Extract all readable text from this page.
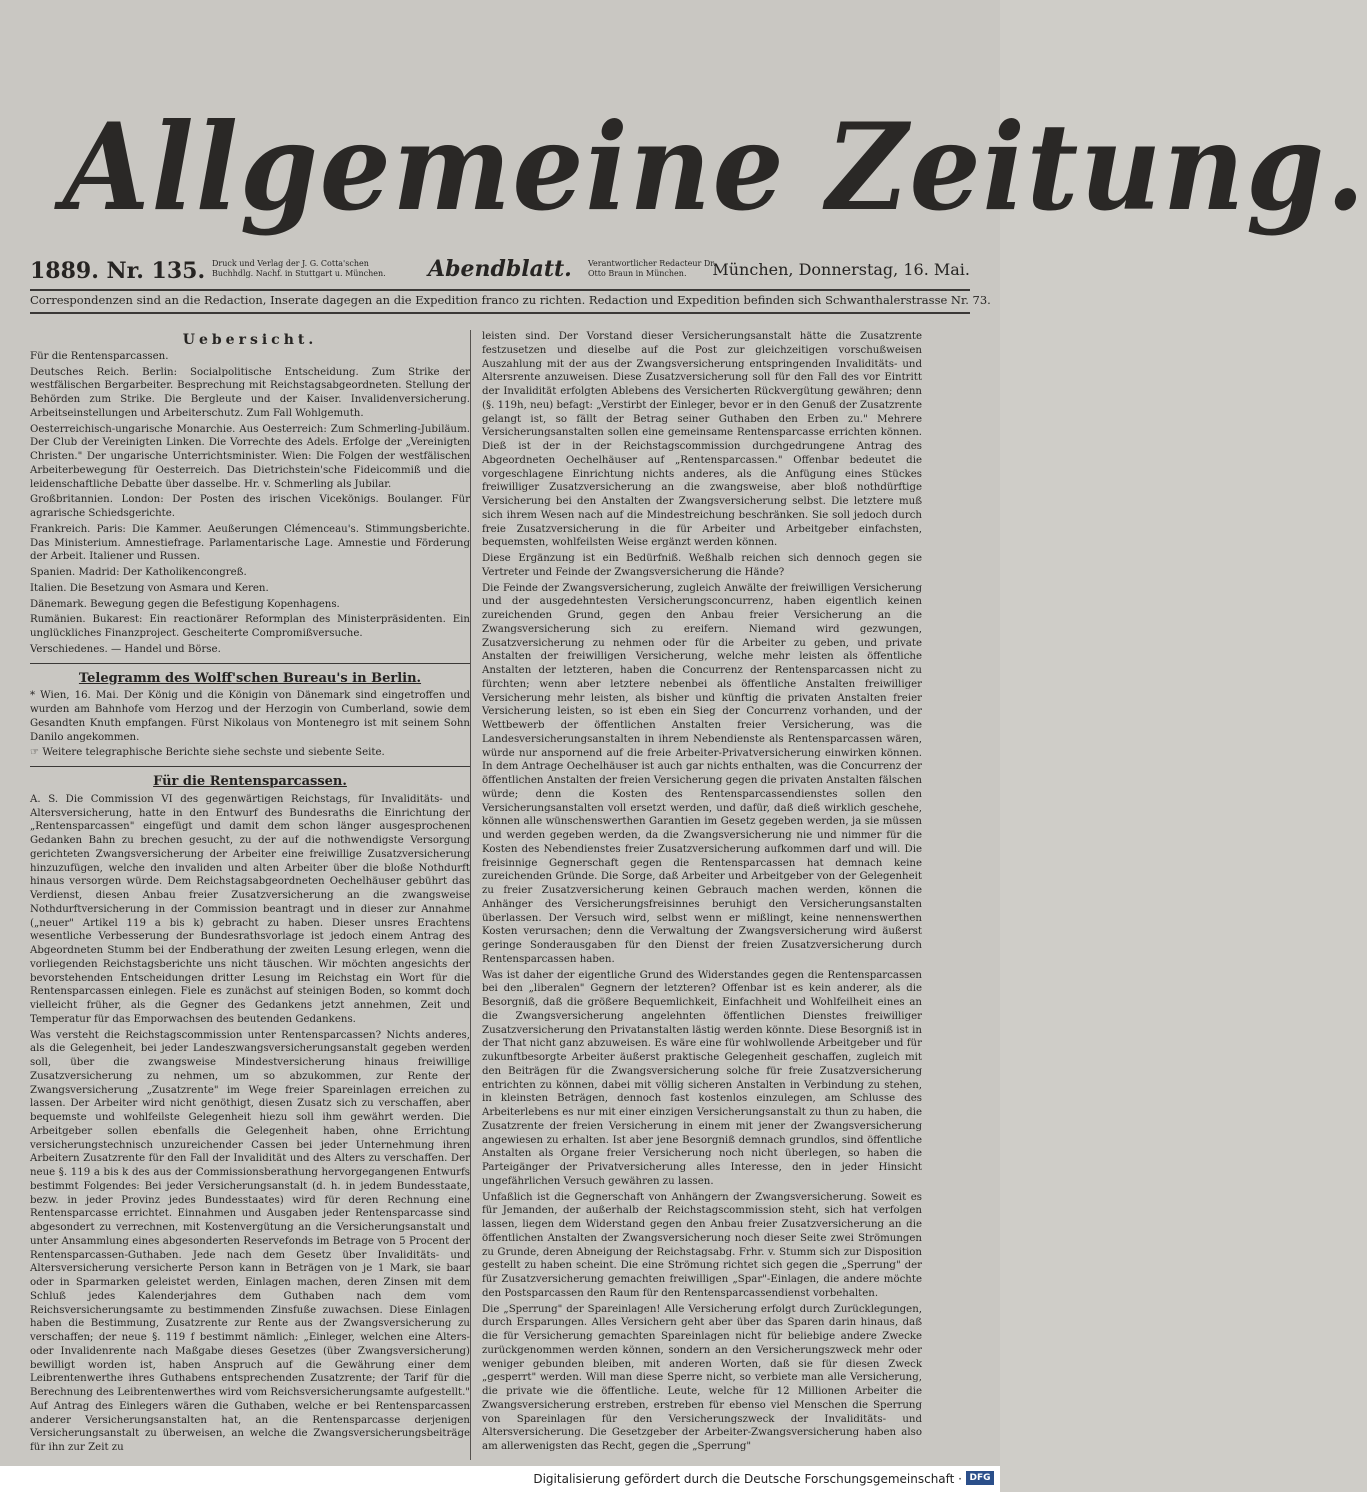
Allgemeine Zeitung.
1889. Nr. 135. Druck und Verlag der J. G. Cotta'schen Buchhdlg. Nachf. in Stuttgart u. München. Abendblatt. Verantwortlicher Redacteur Dr. Otto Braun in München.	München, Donnerstag, 16. Mai.
Correspondenzen sind an die Redaction, Inserate dagegen an die Expedition franco zu richten. Redaction und Expedition befinden sich Schwanthalerstrasse Nr. 73.
Uebersicht.
Für die Rentensparcassen.
Deutsches Reich. Berlin: Socialpolitische Entscheidung. Zum Strike der westfälischen Bergarbeiter. Besprechung mit Reichstagsabgeordneten. Stellung der Behörden zum Strike. Die Bergleute und der Kaiser. Invalidenversicherung. Arbeitseinstellungen und Arbeiterschutz. Zum Fall Wohlgemuth.
Oesterreichisch-ungarische Monarchie. Aus Oesterreich: Zum Schmerling-Jubiläum. Der Club der Vereinigten Linken. Die Vorrechte des Adels. Erfolge der „Vereinigten Christen." Der ungarische Unterrichtsminister. Wien: Die Folgen der westfälischen Arbeiterbewegung für Oesterreich. Das Dietrichstein'sche Fideicommiß und die leidenschaftliche Debatte über dasselbe. Hr. v. Schmerling als Jubilar.
Großbritannien. London: Der Posten des irischen Vicekönigs. Boulanger. Für agrarische Schiedsgerichte.
Frankreich. Paris: Die Kammer. Aeußerungen Clémenceau's. Stimmungsberichte. Das Ministerium. Amnestiefrage. Parlamentarische Lage. Amnestie und Förderung der Arbeit. Italiener und Russen.
Spanien. Madrid: Der Katholikencongreß.
Italien. Die Besetzung von Asmara und Keren.
Dänemark. Bewegung gegen die Befestigung Kopenhagens.
Rumänien. Bukarest: Ein reactionärer Reformplan des Ministerpräsidenten. Ein unglückliches Finanzproject. Gescheiterte Compromißversuche.
Verschiedenes. — Handel und Börse.
Telegramm des Wolff'schen Bureau's in Berlin.
* Wien, 16. Mai. Der König und die Königin von Dänemark sind eingetroffen und wurden am Bahnhofe vom Herzog und der Herzogin von Cumberland, sowie dem Gesandten Knuth empfangen. Fürst Nikolaus von Montenegro ist mit seinem Sohn Danilo angekommen.
☞ Weitere telegraphische Berichte siehe sechste und siebente Seite.
Für die Rentensparcassen.
A. S. Die Commission VI des gegenwärtigen Reichstags, für Invaliditäts- und Altersversicherung, hatte in den Entwurf des Bundesraths die Einrichtung der „Rentensparcassen" eingefügt und damit dem schon länger ausgesprochenen Gedanken Bahn zu brechen gesucht, zu der auf die nothwendigste Versorgung gerichteten Zwangsversicherung der Arbeiter eine freiwillige Zusatzversicherung hinzuzufügen, welche den invaliden und alten Arbeiter über die bloße Nothdurft hinaus versorgen würde. Dem Reichstagsabgeordneten Oechelhäuser gebührt das Verdienst, diesen Anbau freier Zusatzversicherung an die zwangsweise Nothdurftversicherung in der Commission beantragt und in dieser zur Annahme („neuer" Artikel 119 a bis k) gebracht zu haben. Dieser unsres Erachtens wesentliche Verbesserung der Bundesrathsvorlage ist jedoch einem Antrag des Abgeordneten Stumm bei der Endberathung der zweiten Lesung erlegen, wenn die vorliegenden Reichstagsberichte uns nicht täuschen. Wir möchten angesichts der bevorstehenden Entscheidungen dritter Lesung im Reichstag ein Wort für die Rentensparcassen einlegen. Fiele es zunächst auf steinigen Boden, so kommt doch vielleicht früher, als die Gegner des Gedankens jetzt annehmen, Zeit und Temperatur für das Emporwachsen des beutenden Gedankens.
Was versteht die Reichstagscommission unter Rentensparcassen? Nichts anderes, als die Gelegenheit, bei jeder Landeszwangsversicherungsanstalt gegeben werden soll, über die zwangsweise Mindestversicherung hinaus freiwillige Zusatzversicherung zu nehmen, um so abzukommen, zur Rente der Zwangsversicherung „Zusatzrente" im Wege freier Spareinlagen erreichen zu lassen. Der Arbeiter wird nicht genöthigt, diesen Zusatz sich zu verschaffen, aber bequemste und wohlfeilste Gelegenheit hiezu soll ihm gewährt werden. Die Arbeitgeber sollen ebenfalls die Gelegenheit haben, ohne Errichtung versicherungstechnisch unzureichender Cassen bei jeder Unternehmung ihren Arbeitern Zusatzrente für den Fall der Invalidität und des Alters zu verschaffen. Der neue §. 119 a bis k des aus der Commissionsberathung hervorgegangenen Entwurfs bestimmt Folgendes: Bei jeder Versicherungsanstalt (d. h. in jedem Bundesstaate, bezw. in jeder Provinz jedes Bundesstaates) wird für deren Rechnung eine Rentensparcasse errichtet. Einnahmen und Ausgaben jeder Rentensparcasse sind abgesondert zu verrechnen, mit Kostenvergütung an die Versicherungsanstalt und unter Ansammlung eines abgesonderten Reservefonds im Betrage von 5 Procent der Rentensparcassen-Guthaben. Jede nach dem Gesetz über Invaliditäts- und Altersversicherung versicherte Person kann in Beträgen von je 1 Mark, sie baar oder in Sparmarken geleistet werden, Einlagen machen, deren Zinsen mit dem Schluß jedes Kalenderjahres dem Guthaben nach dem vom Reichsversicherungsamte zu bestimmenden Zinsfuße zuwachsen. Diese Einlagen haben die Bestimmung, Zusatzrente zur Rente aus der Zwangsversicherung zu verschaffen; der neue §. 119 f bestimmt nämlich: „Einleger, welchen eine Alters- oder Invalidenrente nach Maßgabe dieses Gesetzes (über Zwangsversicherung) bewilligt worden ist, haben Anspruch auf die Gewährung einer dem Leibrentenwerthe ihres Guthabens entsprechenden Zusatzrente; der Tarif für die Berechnung des Leibrentenwerthes wird vom Reichsversicherungsamte aufgestellt." Auf Antrag des Einlegers wären die Guthaben, welche er bei Rentensparcassen anderer Versicherungsanstalten hat, an die Rentensparcasse derjenigen Versicherungsanstalt zu überweisen, an welche die Zwangsversicherungsbeiträge für ihn zur Zeit zu
leisten sind. Der Vorstand dieser Versicherungsanstalt hätte die Zusatzrente festzusetzen und dieselbe auf die Post zur gleichzeitigen vorschußweisen Auszahlung mit der aus der Zwangsversicherung entspringenden Invaliditäts- und Altersrente anzuweisen. Diese Zusatzversicherung soll für den Fall des vor Eintritt der Invalidität erfolgten Ablebens des Versicherten Rückvergütung gewähren; denn (§. 119h, neu) befagt: „Verstirbt der Einleger, bevor er in den Genuß der Zusatzrente gelangt ist, so fällt der Betrag seiner Guthaben den Erben zu." Mehrere Versicherungsanstalten sollen eine gemeinsame Rentensparcasse errichten können. Dieß ist der in der Reichstagscommission durchgedrungene Antrag des Abgeordneten Oechelhäuser auf „Rentensparcassen." Offenbar bedeutet die vorgeschlagene Einrichtung nichts anderes, als die Anfügung eines Stückes freiwilliger Zusatzversicherung an die zwangsweise, aber bloß nothdürftige Versicherung bei den Anstalten der Zwangsversicherung selbst. Die letztere muß sich ihrem Wesen nach auf die Mindestreichung beschränken. Sie soll jedoch durch freie Zusatzversicherung in die für Arbeiter und Arbeitgeber einfachsten, bequemsten, wohlfeilsten Weise ergänzt werden können.
Diese Ergänzung ist ein Bedürfniß. Weßhalb reichen sich dennoch gegen sie Vertreter und Feinde der Zwangsversicherung die Hände?
Die Feinde der Zwangsversicherung, zugleich Anwälte der freiwilligen Versicherung und der ausgedehntesten Versicherungsconcurrenz, haben eigentlich keinen zureichenden Grund, gegen den Anbau freier Versicherung an die Zwangsversicherung sich zu ereifern. Niemand wird gezwungen, Zusatzversicherung zu nehmen oder für die Arbeiter zu geben, und private Anstalten der freiwilligen Versicherung, welche mehr leisten als öffentliche Anstalten der letzteren, haben die Concurrenz der Rentensparcassen nicht zu fürchten; wenn aber letztere nebenbei als öffentliche Anstalten freiwilliger Versicherung mehr leisten, als bisher und künftig die privaten Anstalten freier Versicherung leisten, so ist eben ein Sieg der Concurrenz vorhanden, und der Wettbewerb der öffentlichen Anstalten freier Versicherung, was die Landesversicherungsanstalten in ihrem Nebendienste als Rentensparcassen wären, würde nur anspornend auf die freie Arbeiter-Privatversicherung einwirken können. In dem Antrage Oechelhäuser ist auch gar nichts enthalten, was die Concurrenz der öffentlichen Anstalten der freien Versicherung gegen die privaten Anstalten fälschen würde; denn die Kosten des Rentensparcassendienstes sollen den Versicherungsanstalten voll ersetzt werden, und dafür, daß dieß wirklich geschehe, können alle wünschenswerthen Garantien im Gesetz gegeben werden, ja sie müssen und werden gegeben werden, da die Zwangsversicherung nie und nimmer für die Kosten des Nebendienstes freier Zusatzversicherung aufkommen darf und will. Die freisinnige Gegnerschaft gegen die Rentensparcassen hat demnach keine zureichenden Gründe. Die Sorge, daß Arbeiter und Arbeitgeber von der Gelegenheit zu freier Zusatzversicherung keinen Gebrauch machen werden, können die Anhänger des Versicherungsfreisinnes beruhigt den Versicherungsanstalten überlassen. Der Versuch wird, selbst wenn er mißlingt, keine nennenswerthen Kosten verursachen; denn die Verwaltung der Zwangsversicherung wird äußerst geringe Sonderausgaben für den Dienst der freien Zusatzversicherung durch Rentensparcassen haben.
Was ist daher der eigentliche Grund des Widerstandes gegen die Rentensparcassen bei den „liberalen" Gegnern der letzteren? Offenbar ist es kein anderer, als die Besorgniß, daß die größere Bequemlichkeit, Einfachheit und Wohlfeilheit eines an die Zwangsversicherung angelehnten öffentlichen Dienstes freiwilliger Zusatzversicherung den Privatanstalten lästig werden könnte. Diese Besorgniß ist in der That nicht ganz abzuweisen. Es wäre eine für wohlwollende Arbeitgeber und für zukunftbesorgte Arbeiter äußerst praktische Gelegenheit geschaffen, zugleich mit den Beiträgen für die Zwangsversicherung solche für freie Zusatzversicherung entrichten zu können, dabei mit völlig sicheren Anstalten in Verbindung zu stehen, in kleinsten Beträgen, dennoch fast kostenlos einzulegen, am Schlusse des Arbeiterlebens es nur mit einer einzigen Versicherungsanstalt zu thun zu haben, die Zusatzrente der freien Versicherung in einem mit jener der Zwangsversicherung angewiesen zu erhalten. Ist aber jene Besorgniß demnach grundlos, sind öffentliche Anstalten als Organe freier Versicherung noch nicht überlegen, so haben die Parteigänger der Privatversicherung alles Interesse, den in jeder Hinsicht ungefährlichen Versuch gewähren zu lassen.
Unfaßlich ist die Gegnerschaft von Anhängern der Zwangsversicherung. Soweit es für Jemanden, der außerhalb der Reichstagscommission steht, sich hat verfolgen lassen, liegen dem Widerstand gegen den Anbau freier Zusatzversicherung an die öffentlichen Anstalten der Zwangsversicherung noch dieser Seite zwei Strömungen zu Grunde, deren Abneigung der Reichstagsabg. Frhr. v. Stumm sich zur Disposition gestellt zu haben scheint. Die eine Strömung richtet sich gegen die „Sperrung" der für Zusatzversicherung gemachten freiwilligen „Spar"-Einlagen, die andere möchte den Postsparcassen den Raum für den Rentensparcassendienst vorbehalten.
Die „Sperrung" der Spareinlagen! Alle Versicherung erfolgt durch Zurücklegungen, durch Ersparungen. Alles Versichern geht aber über das Sparen darin hinaus, daß die für Versicherung gemachten Spareinlagen nicht für beliebige andere Zwecke zurückgenommen werden können, sondern an den Versicherungszweck mehr oder weniger gebunden bleiben, mit anderen Worten, daß sie für diesen Zweck „gesperrt" werden. Will man diese Sperre nicht, so verbiete man alle Versicherung, die private wie die öffentliche. Leute, welche für 12 Millionen Arbeiter die Zwangsversicherung erstreben, erstreben für ebenso viel Menschen die Sperrung von Spareinlagen für den Versicherungszweck der Invaliditäts- und Altersversicherung. Die Gesetzgeber der Arbeiter-Zwangsversicherung haben also am allerwenigsten das Recht, gegen die „Sperrung"
Digitalisierung gefördert durch die Deutsche Forschungsgemeinschaft · DFG
